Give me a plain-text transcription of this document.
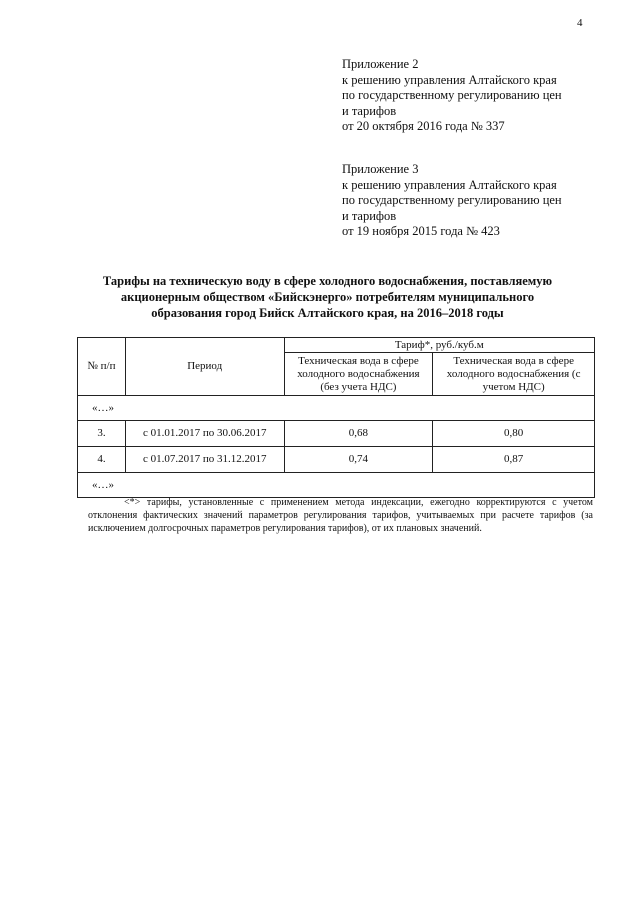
4
Приложение 2
к решению управления Алтайского края
по государственному регулированию цен
и тарифов
от 20 октября 2016 года № 337
Приложение 3
к решению управления Алтайского края
по государственному регулированию цен
и тарифов
от 19 ноября 2015 года № 423
Тарифы на техническую воду в сфере холодного водоснабжения, поставляемую
акционерным обществом «Бийскэнерго» потребителям муниципального
образования город Бийск Алтайского края, на 2016–2018 годы
№ п/п	Период	Тариф*, руб./куб.м	
		Техническая вода в сфере холодного водоснабжения (без учета НДС)	Техническая вода в сфере холодного водоснабжения (с учетом НДС)
«…»			
3.	с 01.01.2017 по 30.06.2017	0,68	0,80
4.	с 01.07.2017 по 31.12.2017	0,74	0,87
«…»			

<*> тарифы, установленные с применением метода индексации, ежегодно корректируются с учетом отклонения фактических значений параметров регулирования тарифов, учитываемых при расчете тарифов (за исключением долгосрочных параметров регулирования тарифов), от их плановых значений.
